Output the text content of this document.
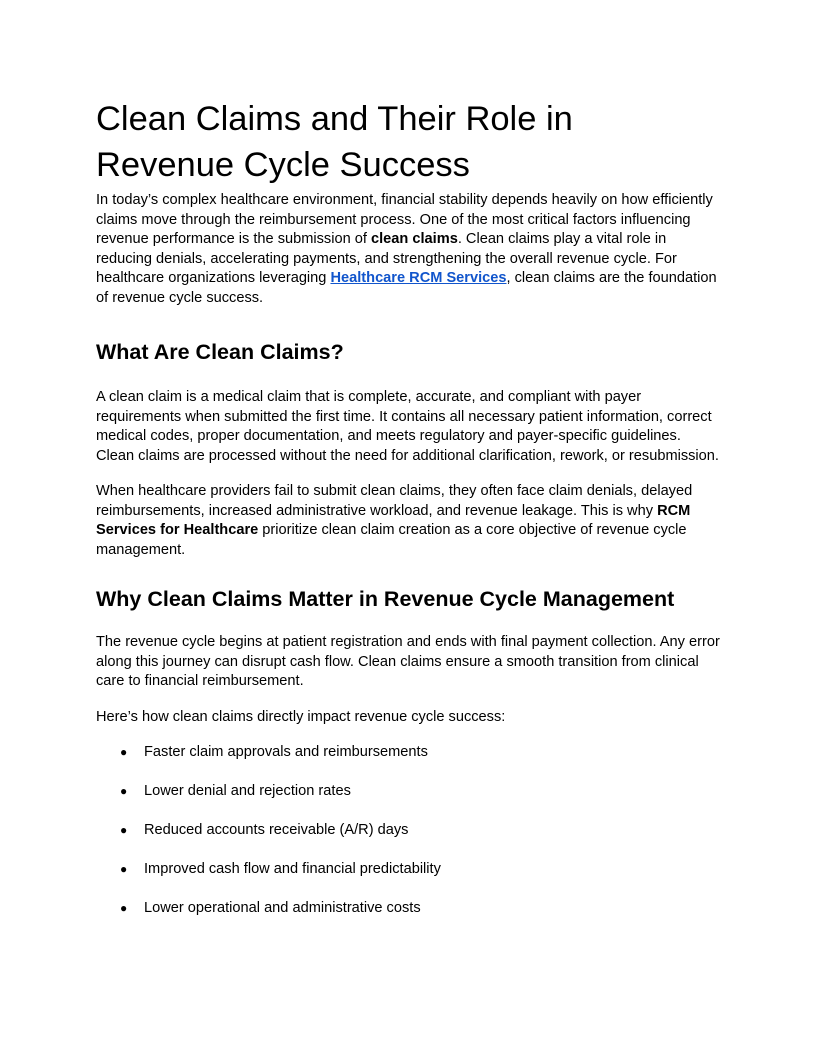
Clean Claims and Their Role in Revenue Cycle Success

In today’s complex healthcare environment, financial stability depends heavily on how efficiently claims move through the reimbursement process. One of the most critical factors influencing revenue performance is the submission of clean claims. Clean claims play a vital role in reducing denials, accelerating payments, and strengthening the overall revenue cycle. For healthcare organizations leveraging Healthcare RCM Services, clean claims are the foundation of revenue cycle success.

What Are Clean Claims?

A clean claim is a medical claim that is complete, accurate, and compliant with payer requirements when submitted the first time. It contains all necessary patient information, correct medical codes, proper documentation, and meets regulatory and payer-specific guidelines. Clean claims are processed without the need for additional clarification, rework, or resubmission.

When healthcare providers fail to submit clean claims, they often face claim denials, delayed reimbursements, increased administrative workload, and revenue leakage. This is why RCM Services for Healthcare prioritize clean claim creation as a core objective of revenue cycle management.

Why Clean Claims Matter in Revenue Cycle Management

The revenue cycle begins at patient registration and ends with final payment collection. Any error along this journey can disrupt cash flow. Clean claims ensure a smooth transition from clinical care to financial reimbursement.

Here’s how clean claims directly impact revenue cycle success:

● Faster claim approvals and reimbursements
● Lower denial and rejection rates
● Reduced accounts receivable (A/R) days
● Improved cash flow and financial predictability
● Lower operational and administrative costs
